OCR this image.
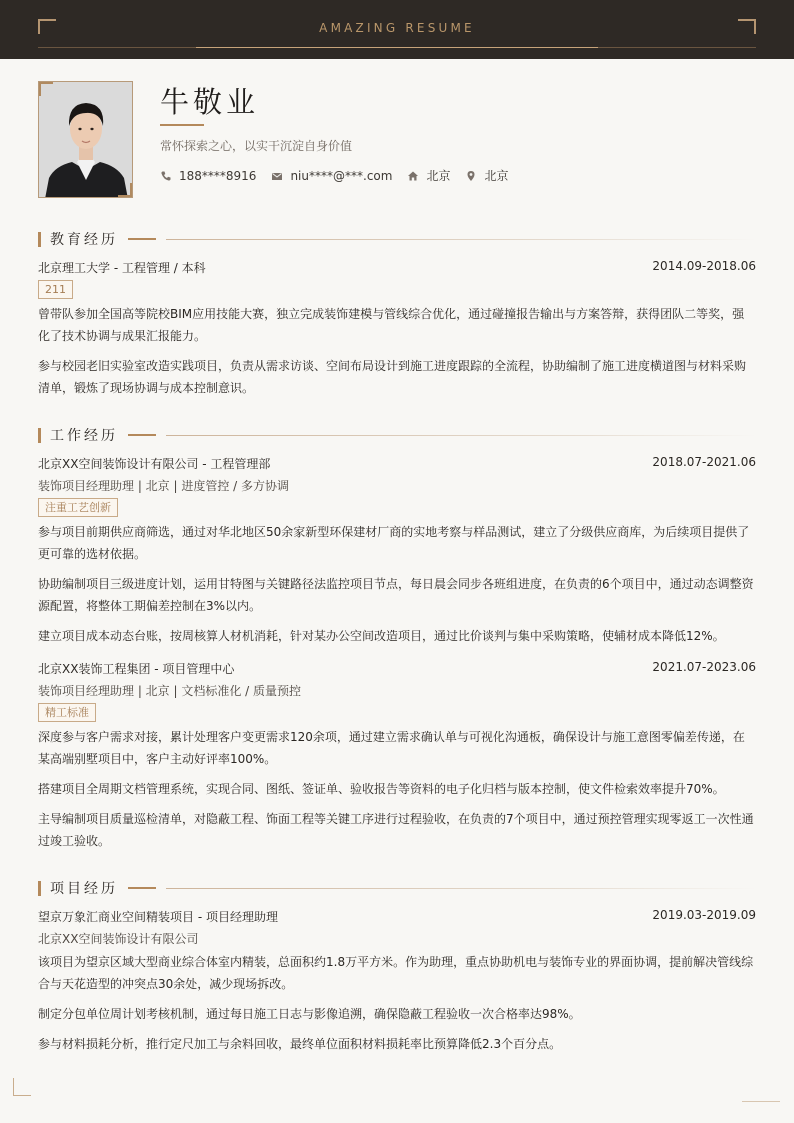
AMAZING RESUME
牛敬业
常怀探索之心，以实干沉淀自身价值
188****8916	niu****@***.com	北京	北京
教育经历
北京理工大学 - 工程管理 / 本科	2014.09-2018.06
211
曾带队参加全国高等院校BIM应用技能大赛，独立完成装饰建模与管线综合优化，通过碰撞报告输出与方案答辩，获得团队二等奖，强化了技术协调与成果汇报能力。
参与校园老旧实验室改造实践项目，负责从需求访谈、空间布局设计到施工进度跟踪的全流程，协助编制了施工进度横道图与材料采购清单，锻炼了现场协调与成本控制意识。
工作经历
北京XX空间装饰设计有限公司 - 工程管理部	2018.07-2021.06
装饰项目经理助理 | 北京 | 进度管控 / 多方协调
注重工艺创新
参与项目前期供应商筛选，通过对华北地区50余家新型环保建材厂商的实地考察与样品测试，建立了分级供应商库，为后续项目提供了更可靠的选材依据。
协助编制项目三级进度计划，运用甘特图与关键路径法监控项目节点，每日晨会同步各班组进度，在负责的6个项目中，通过动态调整资源配置，将整体工期偏差控制在3%以内。
建立项目成本动态台账，按周核算人材机消耗，针对某办公空间改造项目，通过比价谈判与集中采购策略，使辅材成本降低12%。
北京XX装饰工程集团 - 项目管理中心	2021.07-2023.06
装饰项目经理助理 | 北京 | 文档标准化 / 质量预控
精工标准
深度参与客户需求对接，累计处理客户变更需求120余项，通过建立需求确认单与可视化沟通板，确保设计与施工意图零偏差传递，在某高端别墅项目中，客户主动好评率100%。
搭建项目全周期文档管理系统，实现合同、图纸、签证单、验收报告等资料的电子化归档与版本控制，使文件检索效率提升70%。
主导编制项目质量巡检清单，对隐蔽工程、饰面工程等关键工序进行过程验收，在负责的7个项目中，通过预控管理实现零返工一次性通过竣工验收。
项目经历
望京万象汇商业空间精装项目 - 项目经理助理	2019.03-2019.09
北京XX空间装饰设计有限公司
该项目为望京区域大型商业综合体室内精装，总面积约1.8万平方米。作为助理，重点协助机电与装饰专业的界面协调，提前解决管线综合与天花造型的冲突点30余处，减少现场拆改。
制定分包单位周计划考核机制，通过每日施工日志与影像追溯，确保隐蔽工程验收一次合格率达98%。
参与材料损耗分析，推行定尺加工与余料回收，最终单位面积材料损耗率比预算降低2.3个百分点。
